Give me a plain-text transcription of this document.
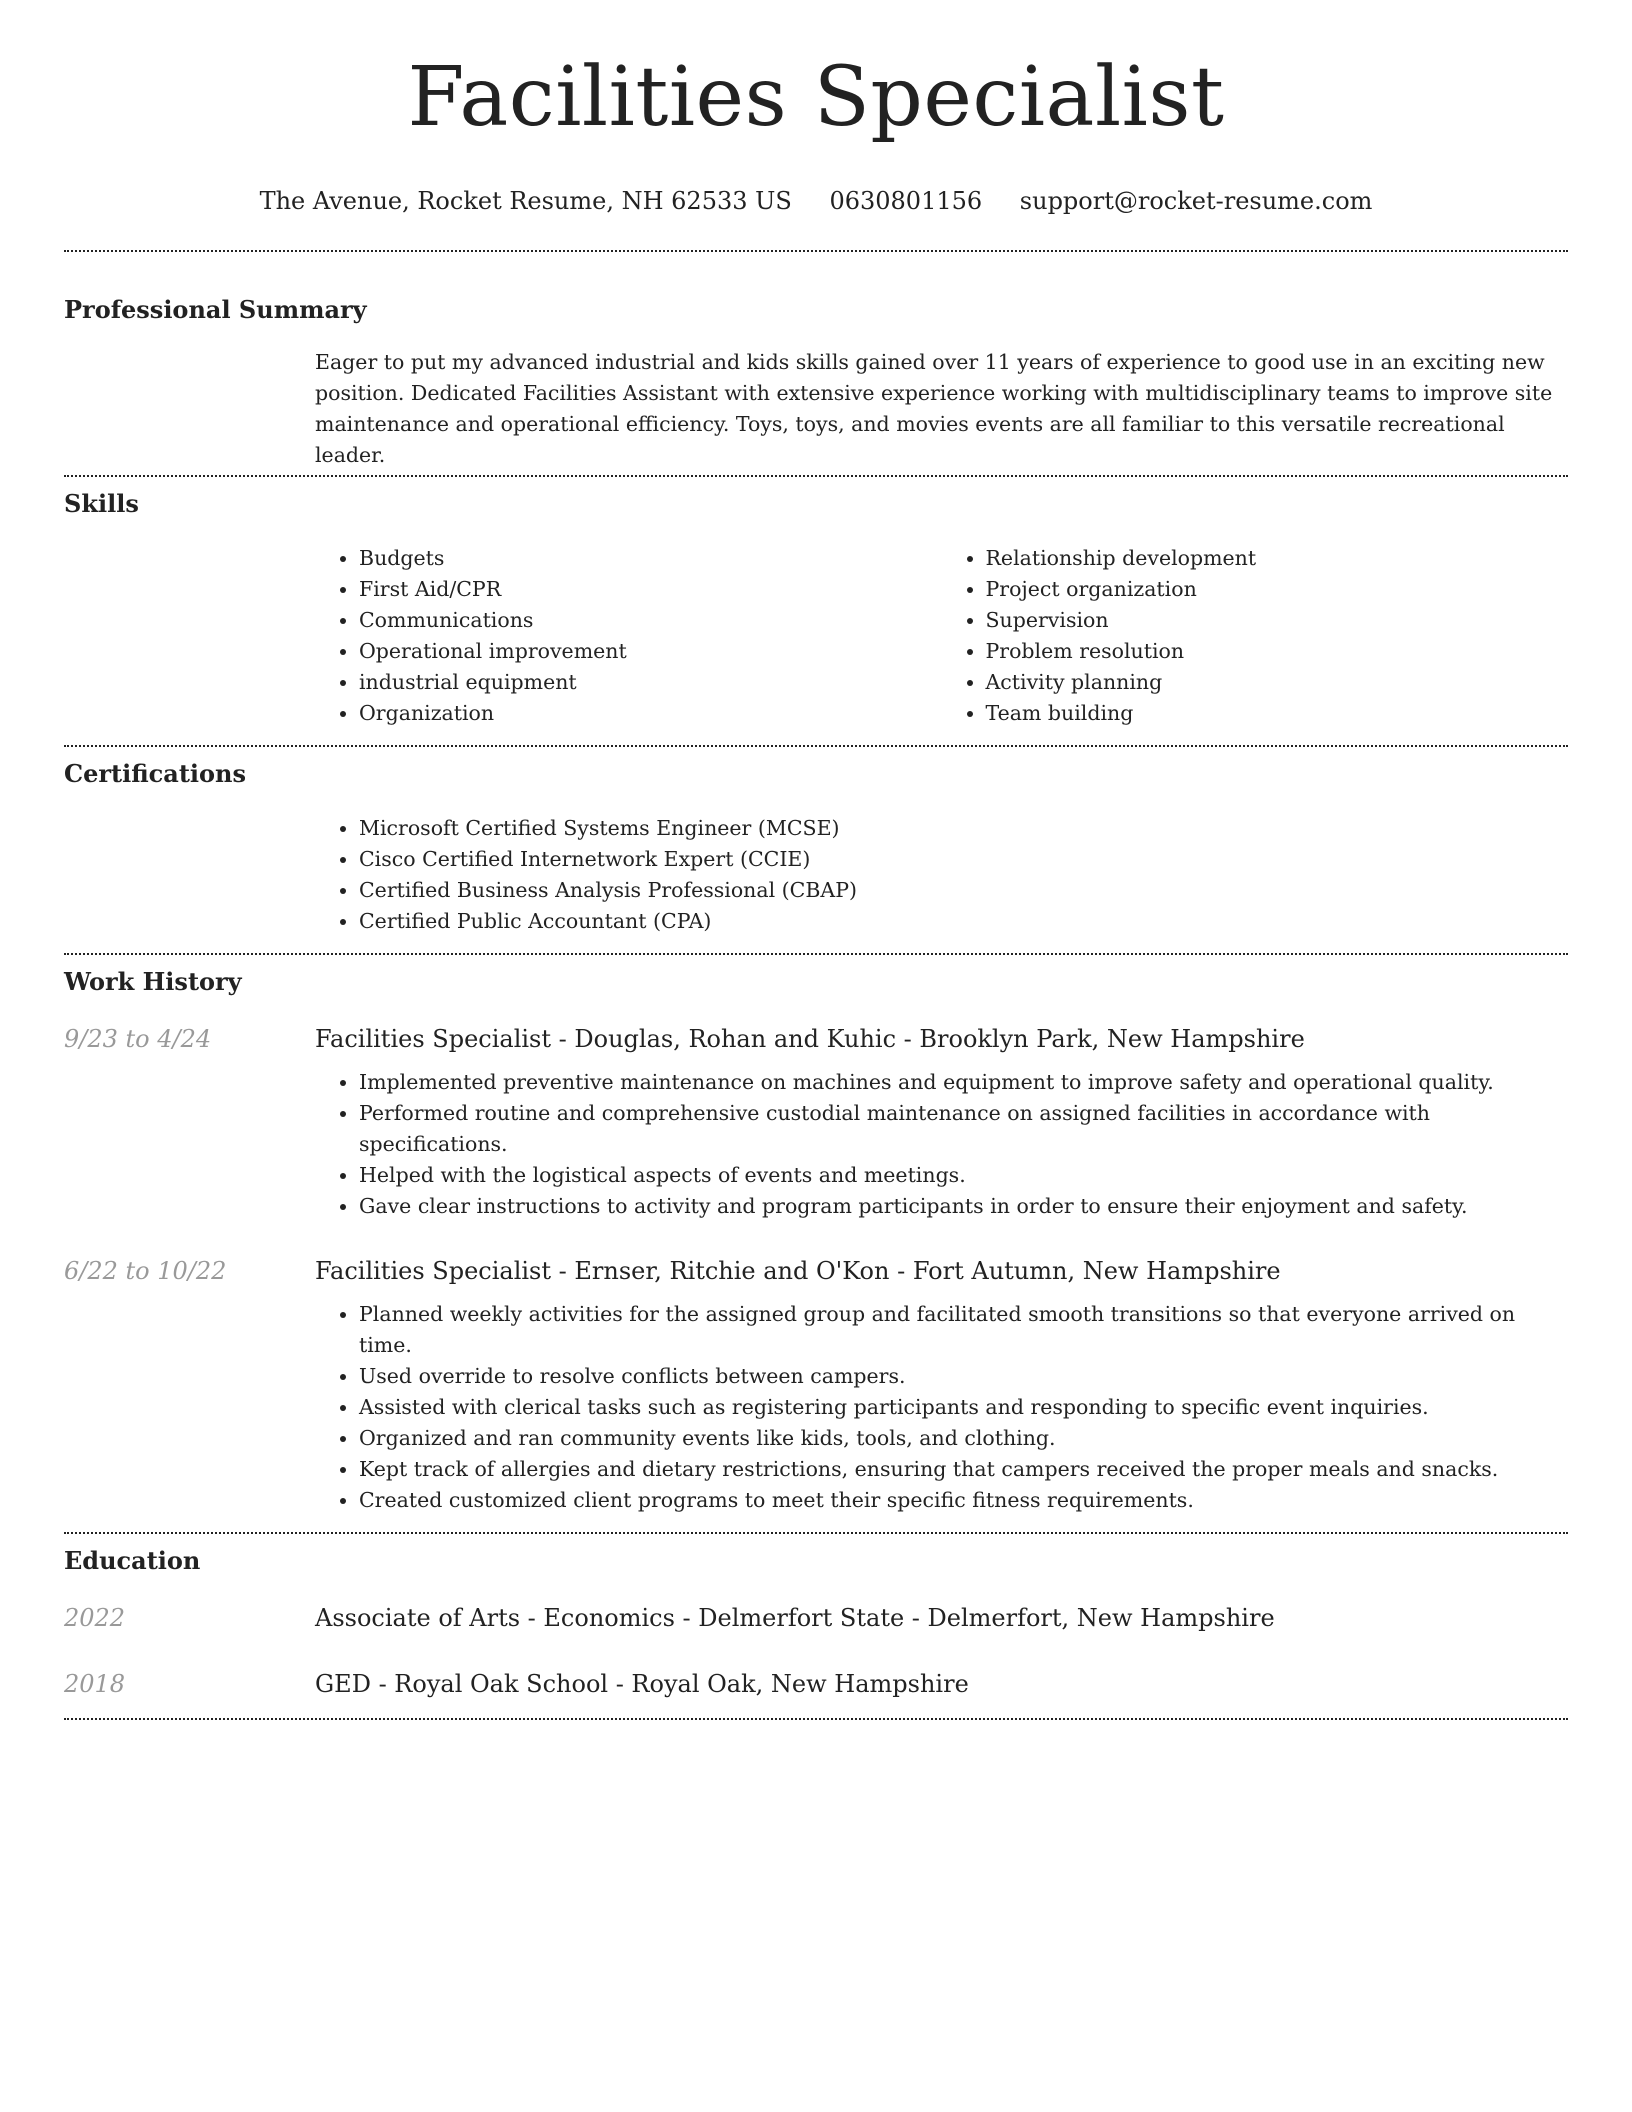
Facilities Specialist
The Avenue, Rocket Resume, NH 62533 US 0630801156 support@rocket-resume.com
Professional Summary
Eager to put my advanced industrial and kids skills gained over 11 years of experience to good use in an exciting new position. Dedicated Facilities Assistant with extensive experience working with multidisciplinary teams to improve site maintenance and operational efficiency. Toys, toys, and movies events are all familiar to this versatile recreational leader.
Skills
• Budgets
• First Aid/CPR
• Communications
• Operational improvement
• industrial equipment
• Organization
• Relationship development
• Project organization
• Supervision
• Problem resolution
• Activity planning
• Team building
Certifications
• Microsoft Certified Systems Engineer (MCSE)
• Cisco Certified Internetwork Expert (CCIE)
• Certified Business Analysis Professional (CBAP)
• Certified Public Accountant (CPA)
Work History
9/23 to 4/24	Facilities Specialist - Douglas, Rohan and Kuhic - Brooklyn Park, New Hampshire
• Implemented preventive maintenance on machines and equipment to improve safety and operational quality.
• Performed routine and comprehensive custodial maintenance on assigned facilities in accordance with specifications.
• Helped with the logistical aspects of events and meetings.
• Gave clear instructions to activity and program participants in order to ensure their enjoyment and safety.
6/22 to 10/22	Facilities Specialist - Ernser, Ritchie and O'Kon - Fort Autumn, New Hampshire
• Planned weekly activities for the assigned group and facilitated smooth transitions so that everyone arrived on time.
• Used override to resolve conflicts between campers.
• Assisted with clerical tasks such as registering participants and responding to specific event inquiries.
• Organized and ran community events like kids, tools, and clothing.
• Kept track of allergies and dietary restrictions, ensuring that campers received the proper meals and snacks.
• Created customized client programs to meet their specific fitness requirements.
Education
2022	Associate of Arts - Economics - Delmerfort State - Delmerfort, New Hampshire
2018	GED - Royal Oak School - Royal Oak, New Hampshire
